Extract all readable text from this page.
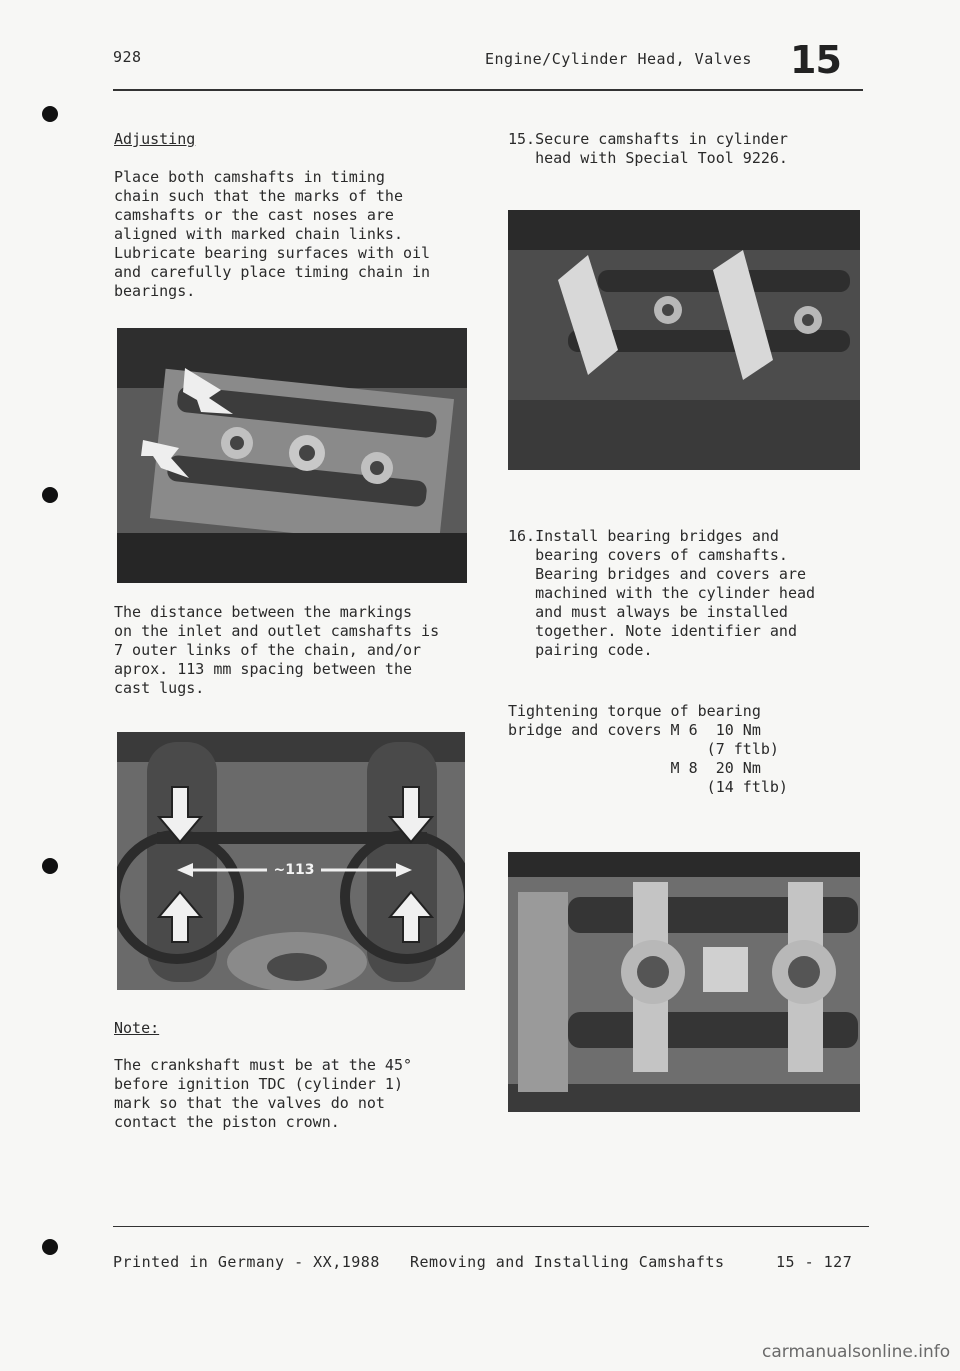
928	Engine/Cylinder Head, Valves 15
Adjusting
Place both camshafts in timing
chain such that the marks of the
camshafts or the cast noses are
aligned with marked chain links.
Lubricate bearing surfaces with oil
and carefully place timing chain in
bearings.
The distance between the markings
on the inlet and outlet camshafts is
7 outer links of the chain, and/or
aprox. 113 mm spacing between the
cast lugs.
~113
Note:
The crankshaft must be at the 45°
before ignition TDC (cylinder 1)
mark so that the valves do not
contact the piston crown.
15.Secure camshafts in cylinder
head with Special Tool 9226.
16.Install bearing bridges and
bearing covers of camshafts.
Bearing bridges and covers are
machined with the cylinder head
and must always be installed
together. Note identifier and
pairing code.
Tightening torque of bearing
bridge and covers M 6  10 Nm
(7 ftlb)
M 8  20 Nm
(14 ftlb)
Printed in Germany - XX,1988 Removing and Installing Camshafts	15 - 127
carmanualsonline.info
